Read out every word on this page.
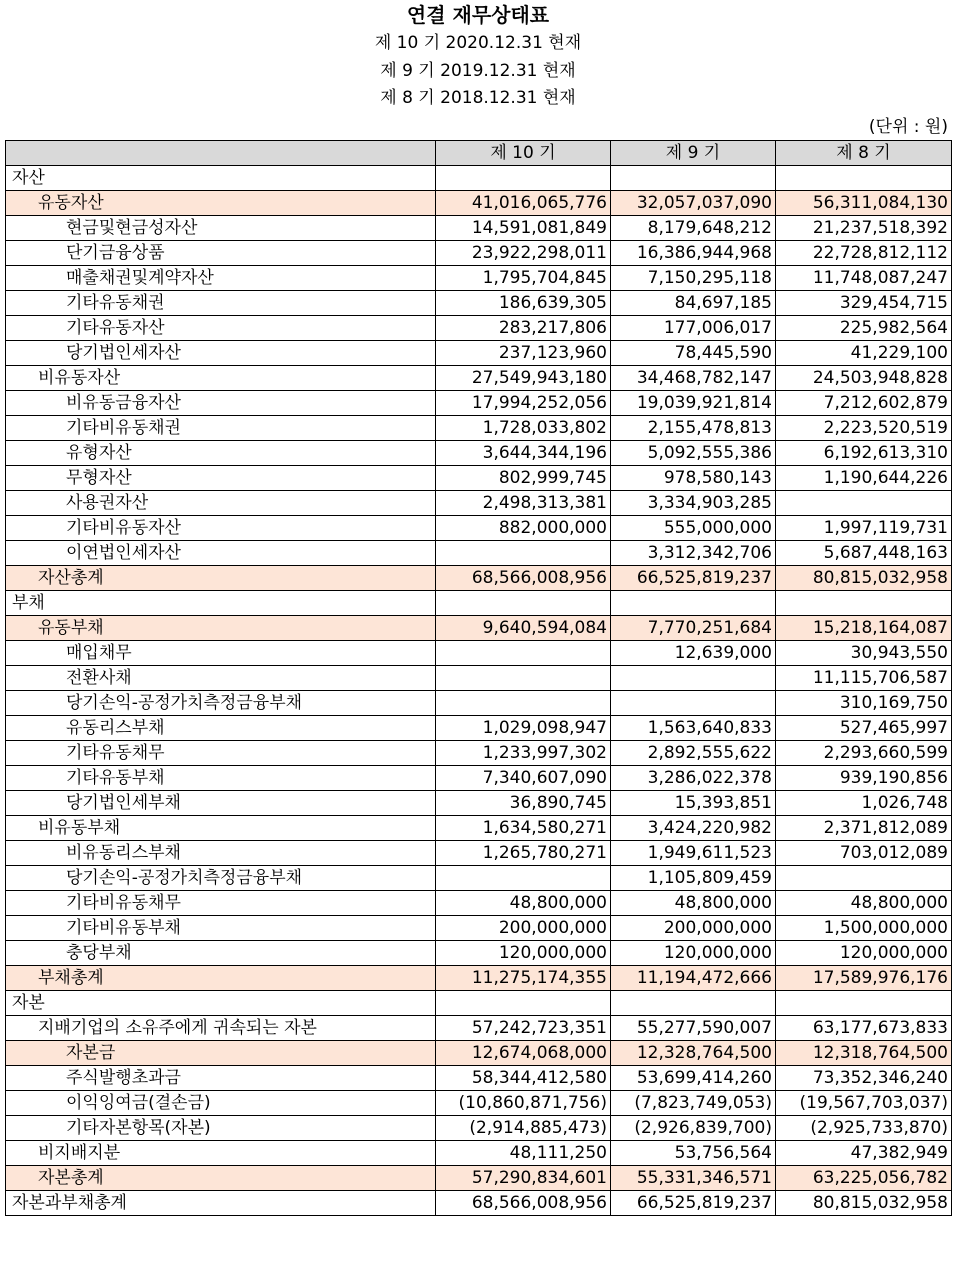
연결 재무상태표
제 10 기 2020.12.31 현재
제 9 기 2019.12.31 현재
제 8 기 2018.12.31 현재
(단위 : 원)
	제 10 기	제 9 기	제 8 기
자산			
유동자산	41,016,065,776	32,057,037,090	56,311,084,130
현금및현금성자산	14,591,081,849	8,179,648,212	21,237,518,392
단기금융상품	23,922,298,011	16,386,944,968	22,728,812,112
매출채권및계약자산	1,795,704,845	7,150,295,118	11,748,087,247
기타유동채권	186,639,305	84,697,185	329,454,715
기타유동자산	283,217,806	177,006,017	225,982,564
당기법인세자산	237,123,960	78,445,590	41,229,100
비유동자산	27,549,943,180	34,468,782,147	24,503,948,828
비유동금융자산	17,994,252,056	19,039,921,814	7,212,602,879
기타비유동채권	1,728,033,802	2,155,478,813	2,223,520,519
유형자산	3,644,344,196	5,092,555,386	6,192,613,310
무형자산	802,999,745	978,580,143	1,190,644,226
사용권자산	2,498,313,381	3,334,903,285	
기타비유동자산	882,000,000	555,000,000	1,997,119,731
이연법인세자산		3,312,342,706	5,687,448,163
자산총계	68,566,008,956	66,525,819,237	80,815,032,958
부채			
유동부채	9,640,594,084	7,770,251,684	15,218,164,087
매입채무		12,639,000	30,943,550
전환사채			11,115,706,587
당기손익-공정가치측정금융부채			310,169,750
유동리스부채	1,029,098,947	1,563,640,833	527,465,997
기타유동채무	1,233,997,302	2,892,555,622	2,293,660,599
기타유동부채	7,340,607,090	3,286,022,378	939,190,856
당기법인세부채	36,890,745	15,393,851	1,026,748
비유동부채	1,634,580,271	3,424,220,982	2,371,812,089
비유동리스부채	1,265,780,271	1,949,611,523	703,012,089
당기손익-공정가치측정금융부채		1,105,809,459	
기타비유동채무	48,800,000	48,800,000	48,800,000
기타비유동부채	200,000,000	200,000,000	1,500,000,000
충당부채	120,000,000	120,000,000	120,000,000
부채총계	11,275,174,355	11,194,472,666	17,589,976,176
자본			
지배기업의 소유주에게 귀속되는 자본	57,242,723,351	55,277,590,007	63,177,673,833
자본금	12,674,068,000	12,328,764,500	12,318,764,500
주식발행초과금	58,344,412,580	53,699,414,260	73,352,346,240
이익잉여금(결손금)	(10,860,871,756)	(7,823,749,053)	(19,567,703,037)
기타자본항목(자본)	(2,914,885,473)	(2,926,839,700)	(2,925,733,870)
비지배지분	48,111,250	53,756,564	47,382,949
자본총계	57,290,834,601	55,331,346,571	63,225,056,782
자본과부채총계	68,566,008,956	66,525,819,237	80,815,032,958
